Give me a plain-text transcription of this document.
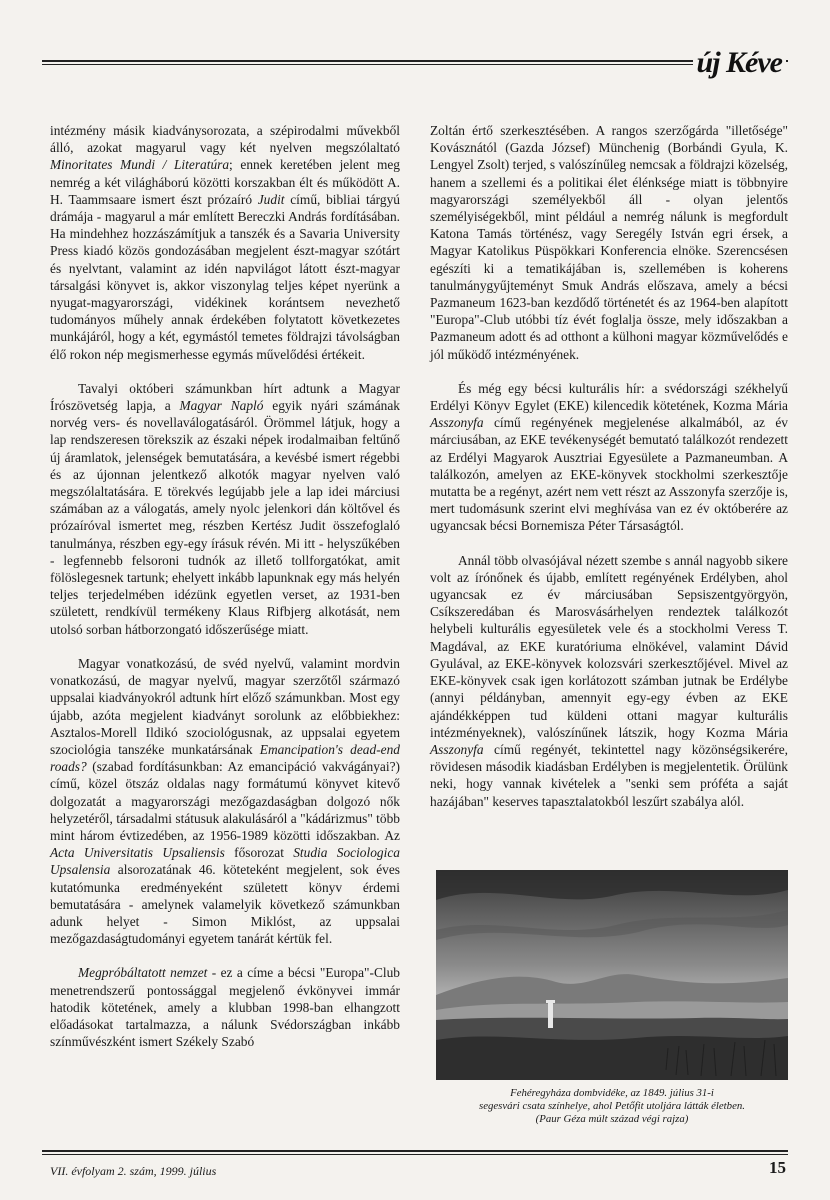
új Kéve

intézmény másik kiadványsorozata, a szépirodalmi művekből álló, azokat magyarul vagy két nyelven megszólaltató Minoritates Mundi / Literatúra; ennek keretében jelent meg nemrég a két világháború közötti korszakban élt és működött A. H. Taammsaare ismert észt prózaíró Judit című, bibliai tárgyú drámája - magyarul a már említett Bereczki András fordításában. Ha mindehhez hozzászámítjuk a tanszék és a Savaria University Press kiadó közös gondozásában megjelent észt-magyar szótárt és nyelvtant, valamint az idén napvilágot látott észt-magyar társalgási könyvet is, akkor viszonylag teljes képet nyerünk a nyugat-magyarországi, vidékinek korántsem nevezhető tudományos műhely annak érdekében folytatott következetes munkájáról, hogy a két, egymástól temetes földrajzi távolságban élő rokon nép megismerhesse egymás művelődési értékeit.

Tavalyi októberi számunkban hírt adtunk a Magyar Írószövetség lapja, a Magyar Napló egyik nyári számának norvég vers- és novellaválogatásáról. Örömmel látjuk, hogy a lap rendszeresen törekszik az északi népek irodalmaiban feltűnő új áramlatok, jelenségek bemutatására, a kevésbé ismert régebbi és az újonnan jelentkező alkotók magyar nyelven való megszólaltatására. E törekvés legújabb jele a lap idei márciusi számában az a válogatás, amely nyolc jelenkori dán költővel és prózaíróval ismertet meg, részben Kertész Judit összefoglaló tanulmánya, részben egy-egy írásuk révén. Mi itt - helyszűkében - legfennebb felsoroni tudnók az illető tollforgatókat, amit fölöslegesnek tartunk; ehelyett inkább lapunknak egy más helyén teljes terjedelmében idézünk egyetlen verset, az 1931-ben született, rendkívül termékeny Klaus Rifbjerg alkotását, nem utolsó sorban hátborzongató időszerűsége miatt.

Magyar vonatkozású, de svéd nyelvű, valamint mordvin vonatkozású, de magyar nyelvű, magyar szerzőtől származó uppsalai kiadványokról adtunk hírt előző számunkban. Most egy újabb, azóta megjelent kiadványt sorolunk az előbbiekhez: Asztalos-Morell Ildikó szociológusnak, az uppsalai egyetem szociológia tanszéke munkatársának Emancipation's dead-end roads? (szabad fordításunkban: Az emancipáció vakvágányai?) című, közel ötszáz oldalas nagy formátumú könyvet kitevő dolgozatát a magyarországi mezőgazdaságban dolgozó nők helyzetéről, társadalmi státusuk alakulásáról a "kádárizmus" több mint három évtizedében, az 1956-1989 közötti időszakban. Az Acta Universitatis Upsaliensis fősorozat Studia Sociologica Upsalensia alsorozatának 46. köteteként megjelent, sok éves kutatómunka eredményeként született könyv érdemi bemutatására - amelynek valamelyik következő számunkban adunk helyet - Simon Miklóst, az uppsalai mezőgazdaságtudományi egyetem tanárát kértük fel.

Megpróbáltatott nemzet - ez a címe a bécsi "Europa"-Club menetrendszerű pontossággal megjelenő évkönyvei immár hatodik kötetének, amely a klubban 1998-ban elhangzott előadásokat tartalmazza, a nálunk Svédországban inkább színművészként ismert Székely Szabó

Zoltán értő szerkesztésében. A rangos szerzőgárda "illetősége" Kovásznától (Gazda József) Münchenig (Borbándi Gyula, K. Lengyel Zsolt) terjed, s valószínűleg nemcsak a földrajzi közelség, hanem a szellemi és a politikai élet élénksége miatt is többnyire magyarországi személyekből áll - olyan jelentős személyiségekből, mint például a nemrég nálunk is megfordult Katona Tamás történész, vagy Seregély István egri érsek, a Magyar Katolikus Püspökkari Konferencia elnöke. Szerencsésen egészíti ki a tematikájában is, szellemében is koherens tanulmánygyűjteményt Smuk András előszava, amely a bécsi Pazmaneum 1623-ban kezdődő történetét és az 1964-ben alapított "Europa"-Club utóbbi tíz évét foglalja össze, mely időszakban a Pazmaneum adott és ad otthont a külhoni magyar közművelődés e jól működő intézményének.

És még egy bécsi kulturális hír: a svédországi székhelyű Erdélyi Könyv Egylet (EKE) kilencedik kötetének, Kozma Mária Asszonyfa című regényének megjelenése alkalmából, az év márciusában, az EKE tevékenységét bemutató találkozót rendezett az Erdélyi Magyarok Ausztriai Egyesülete a Pazmaneumban. A találkozón, amelyen az EKE-könyvek stockholmi szerkesztője mutatta be a regényt, azért nem vett részt az Asszonyfa szerzője is, mert tudomásunk szerint elvi meghívása van ez év októberére az ugyancsak bécsi Bornemisza Péter Társaságtól.

Annál több olvasójával nézett szembe s annál nagyobb sikere volt az írónőnek és újabb, említett regényének Erdélyben, ahol ugyancsak ez év márciusában Sepsiszentgyörgyön, Csíkszeredában és Marosvásárhelyen rendeztek találkozót helybeli kulturális egyesületek vele és a stockholmi Veress T. Magdával, az EKE kuratóriuma elnökével, valamint Dávid Gyulával, az EKE-könyvek kolozsvári szerkesztőjével. Mivel az EKE-könyvek csak igen korlátozott számban jutnak be Erdélybe (annyi példányban, amennyit egy-egy évben az EKE ajándékképpen tud küldeni ottani magyar kulturális intézményeknek), valószínűnek látszik, hogy Kozma Mária Asszonyfa című regényét, tekintettel nagy közönségsikerére, rövidesen második kiadásban Erdélyben is megjelentetik. Örülünk neki, hogy vannak kivételek a "senki sem próféta a saját hazájában" keserves tapasztalatokból leszűrt szabálya alól.

Fehéregyháza dombvidéke, az 1849. július 31-i
segesvári csata színhelye, ahol Petőfit utoljára látták életben.
(Paur Géza múlt század végi rajza)
VII. évfolyam 2. szám, 1999. július	15
